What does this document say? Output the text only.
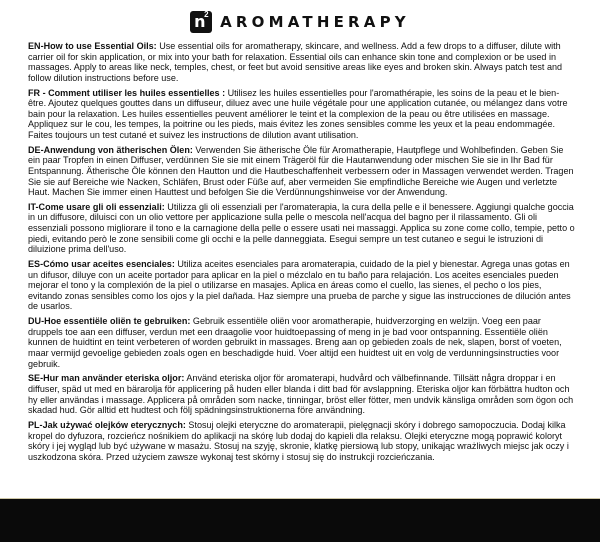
n
2 AROMATHERAPY

EN-How to use Essential Oils: Use essential oils for aromatherapy, skincare, and wellness. Add a few drops to a diffuser, dilute with carrier oil for skin application, or mix into your bath for relaxation. Essential oils can enhance skin tone and complexion or be used in massages. Apply to areas like neck, temples, chest, or feet but avoid sensitive areas like eyes and broken skin. Always patch test and follow dilution instructions before use.

FR - Comment utiliser les huiles essentielles : Utilisez les huiles essentielles pour l'aromathérapie, les soins de la peau et le bien-être. Ajoutez quelques gouttes dans un diffuseur, diluez avec une huile végétale pour une application cutanée, ou mélangez dans votre bain pour la relaxation. Les huiles essentielles peuvent améliorer le teint et la complexion de la peau ou être utilisées en massage. Appliquez sur le cou, les tempes, la poitrine ou les pieds, mais évitez les zones sensibles comme les yeux et la peau endommagée. Faites toujours un test cutané et suivez les instructions de dilution avant utilisation.

DE-Anwendung von ätherischen Ölen: Verwenden Sie ätherische Öle für Aromatherapie, Hautpflege und Wohlbefinden. Geben Sie ein paar Tropfen in einen Diffuser, verdünnen Sie sie mit einem Trägeröl für die Hautanwendung oder mischen Sie sie in Ihr Bad für Entspannung. Ätherische Öle können den Hautton und die Hautbeschaffenheit verbessern oder in Massagen verwendet werden. Tragen Sie sie auf Bereiche wie Nacken, Schläfen, Brust oder Füße auf, aber vermeiden Sie empfindliche Bereiche wie Augen und verletzte Haut. Machen Sie immer einen Hauttest und befolgen Sie die Verdünnungshinweise vor der Anwendung.

IT-Come usare gli oli essenziali: Utilizza gli oli essenziali per l'aromaterapia, la cura della pelle e il benessere. Aggiungi qualche goccia in un diffusore, diluisci con un olio vettore per applicazione sulla pelle o mescola nell'acqua del bagno per il rilassamento. Gli oli essenziali possono migliorare il tono e la carnagione della pelle o essere usati nei massaggi. Applica su zone come collo, tempie, petto o piedi, evitando però le zone sensibili come gli occhi e la pelle danneggiata. Esegui sempre un test cutaneo e segui le istruzioni di diluizione prima dell'uso.

ES-Cómo usar aceites esenciales: Utiliza aceites esenciales para aromaterapia, cuidado de la piel y bienestar. Agrega unas gotas en un difusor, diluye con un aceite portador para aplicar en la piel o mézclalo en tu baño para relajación. Los aceites esenciales pueden mejorar el tono y la complexión de la piel o utilizarse en masajes. Aplica en áreas como el cuello, las sienes, el pecho o los pies, evitando zonas sensibles como los ojos y la piel dañada. Haz siempre una prueba de parche y sigue las instrucciones de dilución antes de usarlos.

DU-Hoe essentiële oliën te gebruiken: Gebruik essentiële oliën voor aromatherapie, huidverzorging en welzijn. Voeg een paar druppels toe aan een diffuser, verdun met een draagolie voor huidtoepassing of meng in je bad voor ontspanning. Essentiële oliën kunnen de huidtint en teint verbeteren of worden gebruikt in massages. Breng aan op gebieden zoals de nek, slapen, borst of voeten, maar vermijd gevoelige gebieden zoals ogen en beschadigde huid. Voer altijd een huidtest uit en volg de verdunningsinstructies voor gebruik.

SE-Hur man använder eteriska oljor: Använd eteriska oljor för aromaterapi, hudvård och välbefinnande. Tillsätt några droppar i en diffuser, späd ut med en bärarolja för applicering på huden eller blanda i ditt bad för avslappning. Eteriska oljor kan förbättra hudton och hy eller användas i massage. Applicera på områden som nacke, tinningar, bröst eller fötter, men undvik känsliga områden som ögon och skadad hud. Gör alltid ett hudtest och följ spädningsinstruktionerna före användning.

PL-Jak używać olejków eterycznych: Stosuj olejki eteryczne do aromaterapii, pielęgnacji skóry i dobrego samopoczucia. Dodaj kilka kropel do dyfuzora, rozcieńcz nośnikiem do aplikacji na skórę lub dodaj do kąpieli dla relaksu. Olejki eteryczne mogą poprawić koloryt skóry i jej wygląd lub być używane w masażu. Stosuj na szyję, skronie, klatkę piersiową lub stopy, unikając wrażliwych miejsc jak oczy i uszkodzona skóra. Przed użyciem zawsze wykonaj test skórny i stosuj się do instrukcji rozcieńczania.
